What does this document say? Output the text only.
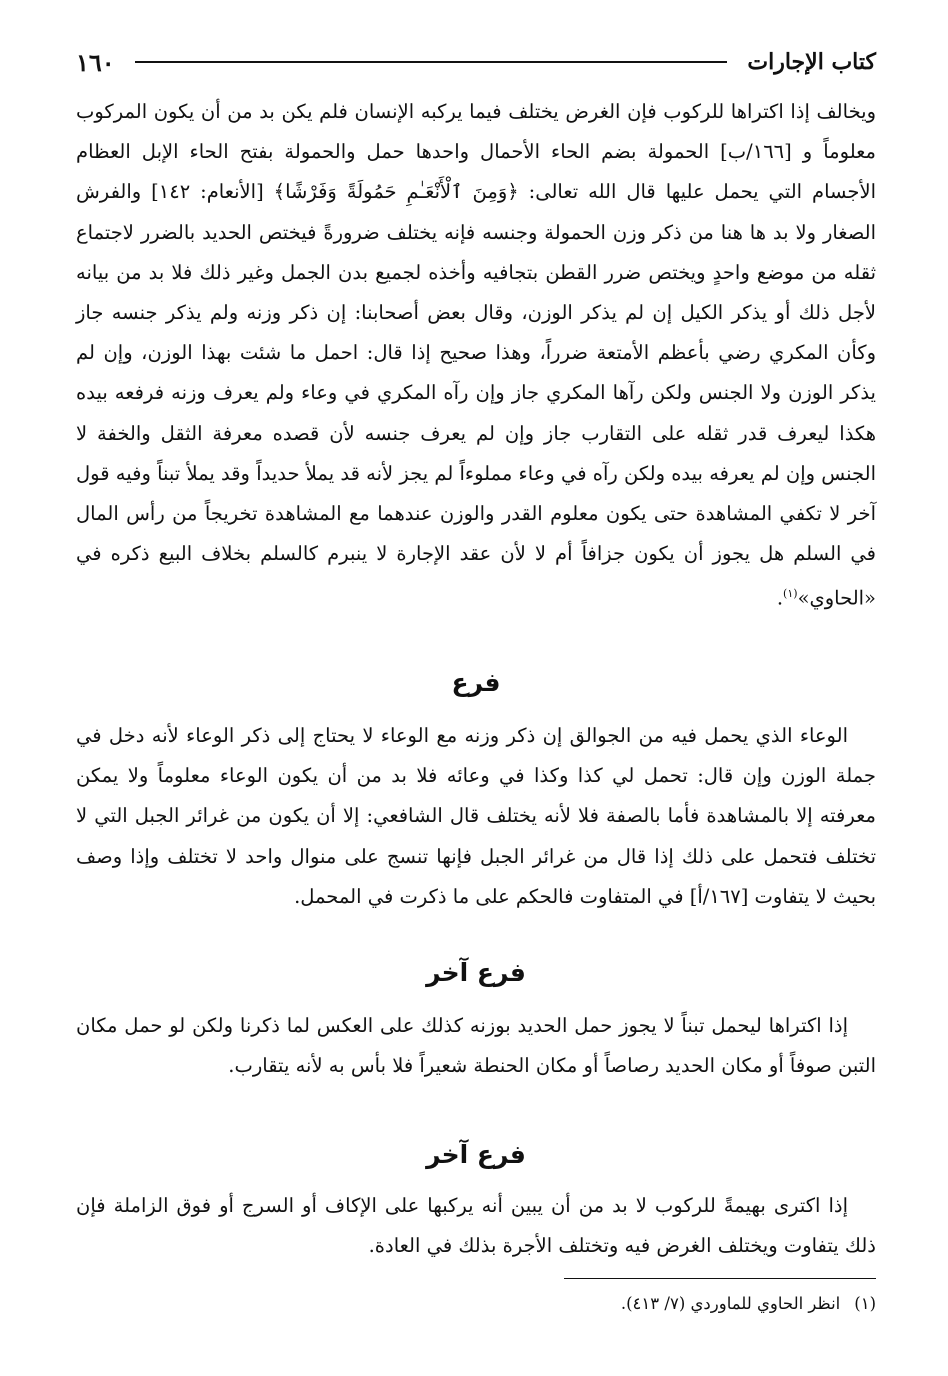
كتاب الإجارات
١٦٠

ويخالف إذا اكتراها للركوب فإن الغرض يختلف فيما يركبه الإنسان فلم يكن بد من أن يكون المركوب معلوماً و [١٦٦/ب] الحمولة بضم الحاء الأحمال واحدها حمل والحمولة بفتح الحاء الإبل العظام الأجسام التي يحمل عليها قال الله تعالى: ﴿وَمِنَ ٱلْأَنْعَـٰمِ حَمُولَةً وَفَرْشًا﴾ [الأنعام: ١٤٢] والفرش الصغار ولا بد ها هنا من ذكر وزن الحمولة وجنسه فإنه يختلف ضرورةً فيختص الحديد بالضرر لاجتماع ثقله من موضع واحدٍ ويختص ضرر القطن بتجافيه وأخذه لجميع بدن الجمل وغير ذلك فلا بد من بيانه لأجل ذلك أو يذكر الكيل إن لم يذكر الوزن، وقال بعض أصحابنا: إن ذكر وزنه ولم يذكر جنسه جاز وكأن المكري رضي بأعظم الأمتعة ضرراً، وهذا صحيح إذا قال: احمل ما شئت بهذا الوزن، وإن لم يذكر الوزن ولا الجنس ولكن رآها المكري جاز وإن رآه المكري في وعاء ولم يعرف وزنه فرفعه بيده هكذا ليعرف قدر ثقله على التقارب جاز وإن لم يعرف جنسه لأن قصده معرفة الثقل والخفة لا الجنس وإن لم يعرفه بيده ولكن رآه في وعاء مملوءاً لم يجز لأنه قد يملأ حديداً وقد يملأ تبناً وفيه قول آخر لا تكفي المشاهدة حتى يكون معلوم القدر والوزن عندهما مع المشاهدة تخريجاً من رأس المال في السلم هل يجوز أن يكون جزافاً أم لا لأن عقد الإجارة لا ينبرم كالسلم بخلاف البيع ذكره في «الحاوي»$^{(١)}$.

فرع

الوعاء الذي يحمل فيه من الجوالق إن ذكر وزنه مع الوعاء لا يحتاج إلى ذكر الوعاء لأنه دخل في جملة الوزن وإن قال: تحمل لي كذا وكذا في وعائه فلا بد من أن يكون الوعاء معلوماً ولا يمكن معرفته إلا بالمشاهدة فأما بالصفة فلا لأنه يختلف قال الشافعي: إلا أن يكون من غرائر الجبل التي لا تختلف فتحمل على ذلك إذا قال من غرائر الجبل فإنها تنسج على منوال واحد لا تختلف وإذا وصف بحيث لا يتفاوت [١٦٧/أ] في المتفاوت فالحكم على ما ذكرت في المحمل.

فرع آخر

إذا اكتراها ليحمل تبناً لا يجوز حمل الحديد بوزنه كذلك على العكس لما ذكرنا ولكن لو حمل مكان التبن صوفاً أو مكان الحديد رصاصاً أو مكان الحنطة شعيراً فلا بأس به لأنه يتقارب.

فرع آخر

إذا اكترى بهيمةً للركوب لا بد من أن يبين أنه يركبها على الإكاف أو السرج أو فوق الزاملة فإن ذلك يتفاوت ويختلف الغرض فيه وتختلف الأجرة بذلك في العادة.

(١)انظر الحاوي للماوردي (٧/ ٤١٣).
